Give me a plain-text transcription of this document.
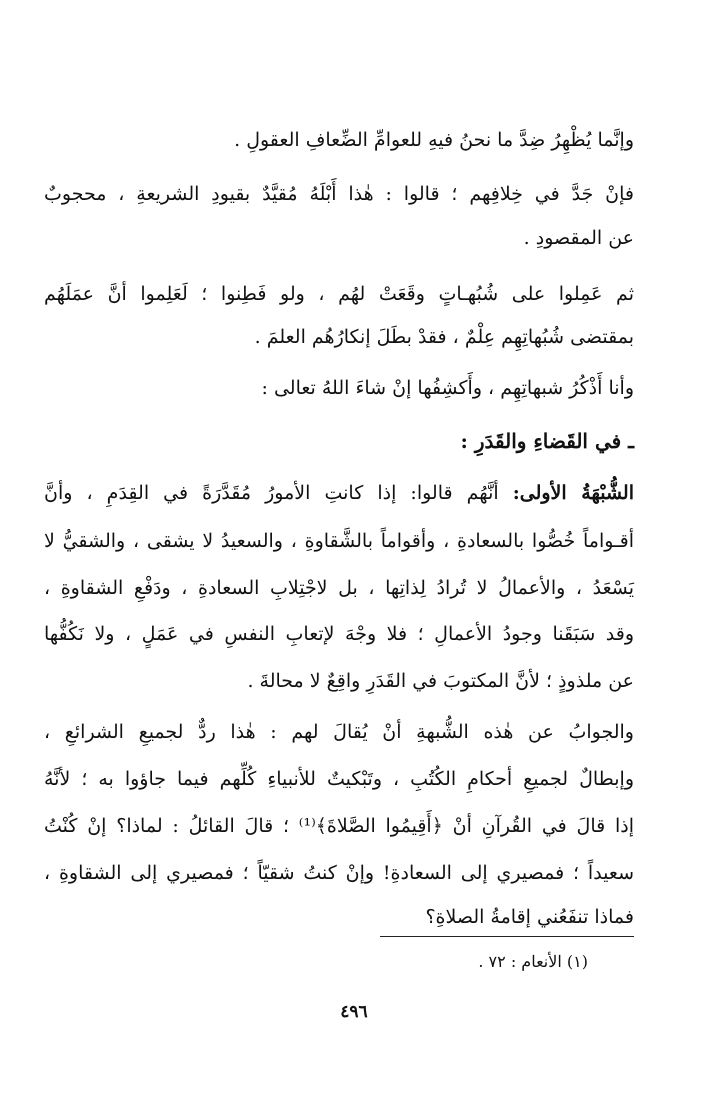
وإنَّما يُظْهِرُ ضِدَّ ما نحنُ فيهِ للعوامِّ الضِّعافِ العقولِ .
فإنْ جَدَّ في خِلافِهم ؛ قالوا : هٰذا أَبْلَهُ مُقيَّدٌ بقيودِ الشريعةِ ، محجوبٌ
عن المقصودِ .
ثم عَمِلوا على شُبُهـاتٍ وقَعَتْ لهُم ، ولو فَطِنوا ؛ لَعَلِموا أنَّ عمَلَهُم
بمقتضى شُبُهاتِهِم عِلْمٌ ، فقدْ بطَلَ إنكارُهُم العلمَ .
وأنا أَذْكُرُ شبهاتِهِم ، وأَكشِفُها إنْ شاءَ اللهُ تعالى :
ـ في القَضاءِ والقَدَرِ :
الشُّبْهَةُ الأولى: أنَّهُم قالوا: إذا كانتِ الأمورُ مُقَدَّرَةً في القِدَمِ ، وأنَّ
أقـواماً خُصُّوا بالسعادةِ ، وأقواماً بالشَّقاوةِ ، والسعيدُ لا يشقى ، والشقيُّ لا
يَسْعَدُ ، والأعمالُ لا تُرادُ لِذاتِها ، بل لاجْتِلابِ السعادةِ ، ودَفْعِ الشقاوةِ ،
وقد سَبَقَنا وجودُ الأعمالِ ؛ فلا وجْهَ لإتعابِ النفسِ في عَمَلٍ ، ولا نَكُفُّها
عن ملذوذٍ ؛ لأنَّ المكتوبَ في القَدَرِ واقِعٌ لا محالةَ .
والجوابُ عن هٰذه الشُّبهةِ أنْ يُقالَ لهم : هٰذا ردٌّ لجميعِ الشرائعِ ،
وإبطالٌ لجميعِ أحكامِ الكُتُبِ ، وتَبْكيتٌ للأنبياءِ كُلِّهم فيما جاؤوا به ؛ لأنَّهُ
إذا قالَ في القُرآنِ أنْ ﴿أَقِيمُوا الصَّلاةَ﴾⁽¹⁾ ؛ قالَ القائلُ : لماذا؟ إنْ كُنْتُ
سعيداً ؛ فمصيري إلى السعادةِ! وإنْ كنتُ شقيّاً ؛ فمصيري إلى الشقاوةِ ،
فماذا تنفَعُني إقامةُ الصلاةِ؟
(١) الأنعام : ٧٢ .
٤٩٦
